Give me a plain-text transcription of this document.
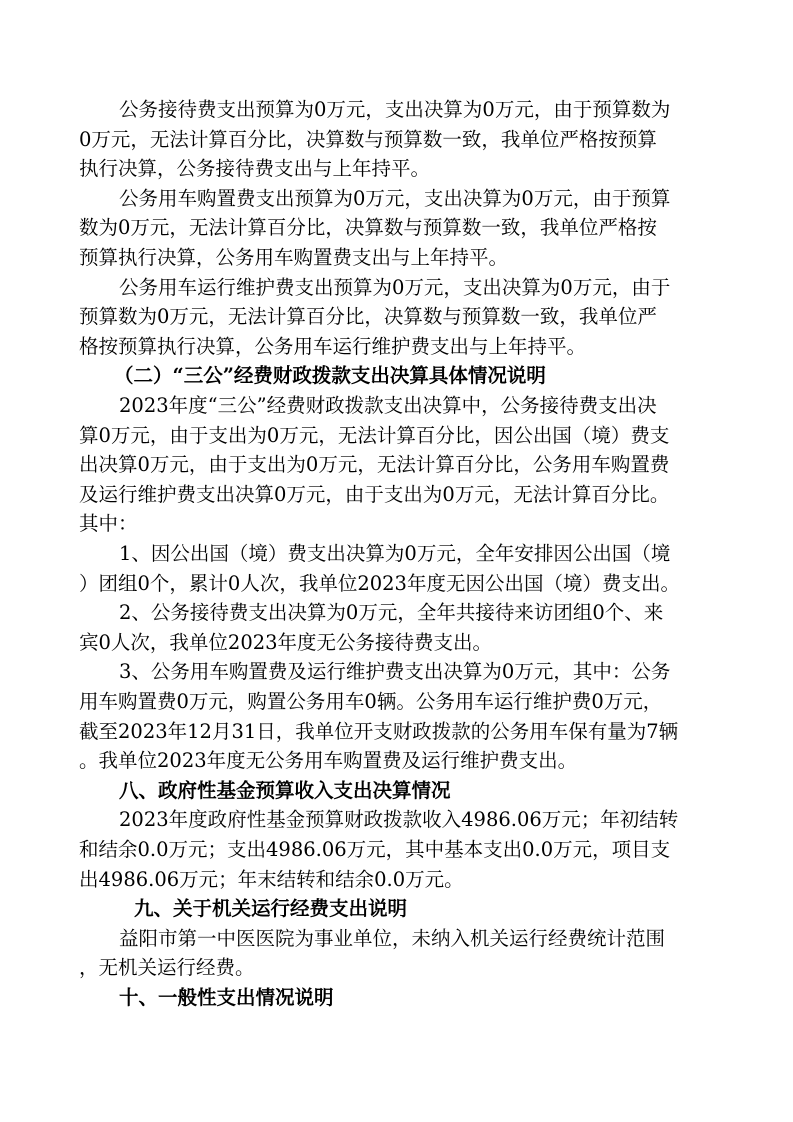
公务接待费支出预算为0万元，支出决算为0万元，由于预算数为
0万元，无法计算百分比，决算数与预算数一致，我单位严格按预算
执行决算，公务接待费支出与上年持平。
公务用车购置费支出预算为0万元，支出决算为0万元，由于预算
数为0万元，无法计算百分比，决算数与预算数一致，我单位严格按
预算执行决算，公务用车购置费支出与上年持平。
公务用车运行维护费支出预算为0万元，支出决算为0万元，由于
预算数为0万元，无法计算百分比，决算数与预算数一致，我单位严
格按预算执行决算，公务用车运行维护费支出与上年持平。
（二）“三公”经费财政拨款支出决算具体情况说明
2023年度“三公”经费财政拨款支出决算中，公务接待费支出决
算0万元，由于支出为0万元，无法计算百分比，因公出国（境）费支
出决算0万元，由于支出为0万元，无法计算百分比，公务用车购置费
及运行维护费支出决算0万元，由于支出为0万元，无法计算百分比。
其中：
1、因公出国（境）费支出决算为0万元，全年安排因公出国（境
）团组0个，累计0人次，我单位2023年度无因公出国（境）费支出。
2、公务接待费支出决算为0万元，全年共接待来访团组0个、来
宾0人次，我单位2023年度无公务接待费支出。
3、公务用车购置费及运行维护费支出决算为0万元，其中：公务
用车购置费0万元，购置公务用车0辆。公务用车运行维护费0万元，
截至2023年12月31日，我单位开支财政拨款的公务用车保有量为7辆
。我单位2023年度无公务用车购置费及运行维护费支出。
八、政府性基金预算收入支出决算情况
2023年度政府性基金预算财政拨款收入4986.06万元；年初结转
和结余0.0万元；支出4986.06万元，其中基本支出0.0万元，项目支
出4986.06万元；年末结转和结余0.0万元。
九、关于机关运行经费支出说明
益阳市第一中医医院为事业单位，未纳入机关运行经费统计范围
，无机关运行经费。
十、一般性支出情况说明
